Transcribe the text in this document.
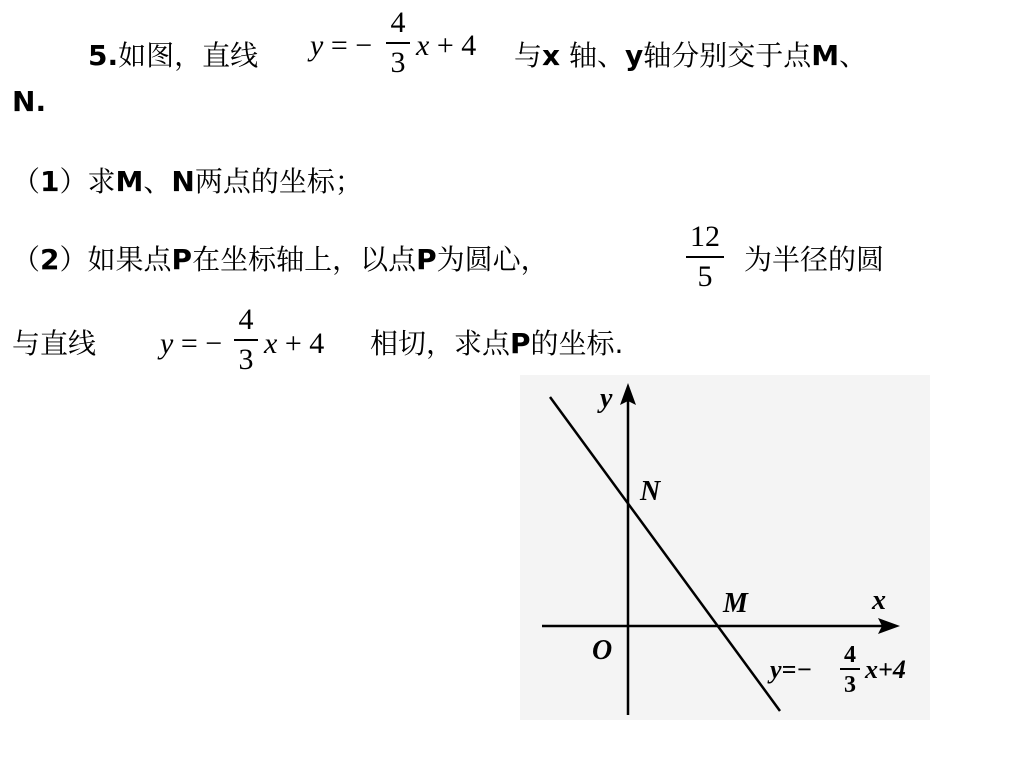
5.如图，直线 y = −
4
3 x + 4 与x 轴、y轴分别交于点M、
N.
（1）求M、N两点的坐标；
（2）如果点P在坐标轴上，以点P为圆心，
12
5	为半径的圆
与直线 y = −
4
3 x + 4 相切，求点P的坐标.
y
x
O
N
M
y=− 4
3
x+4
